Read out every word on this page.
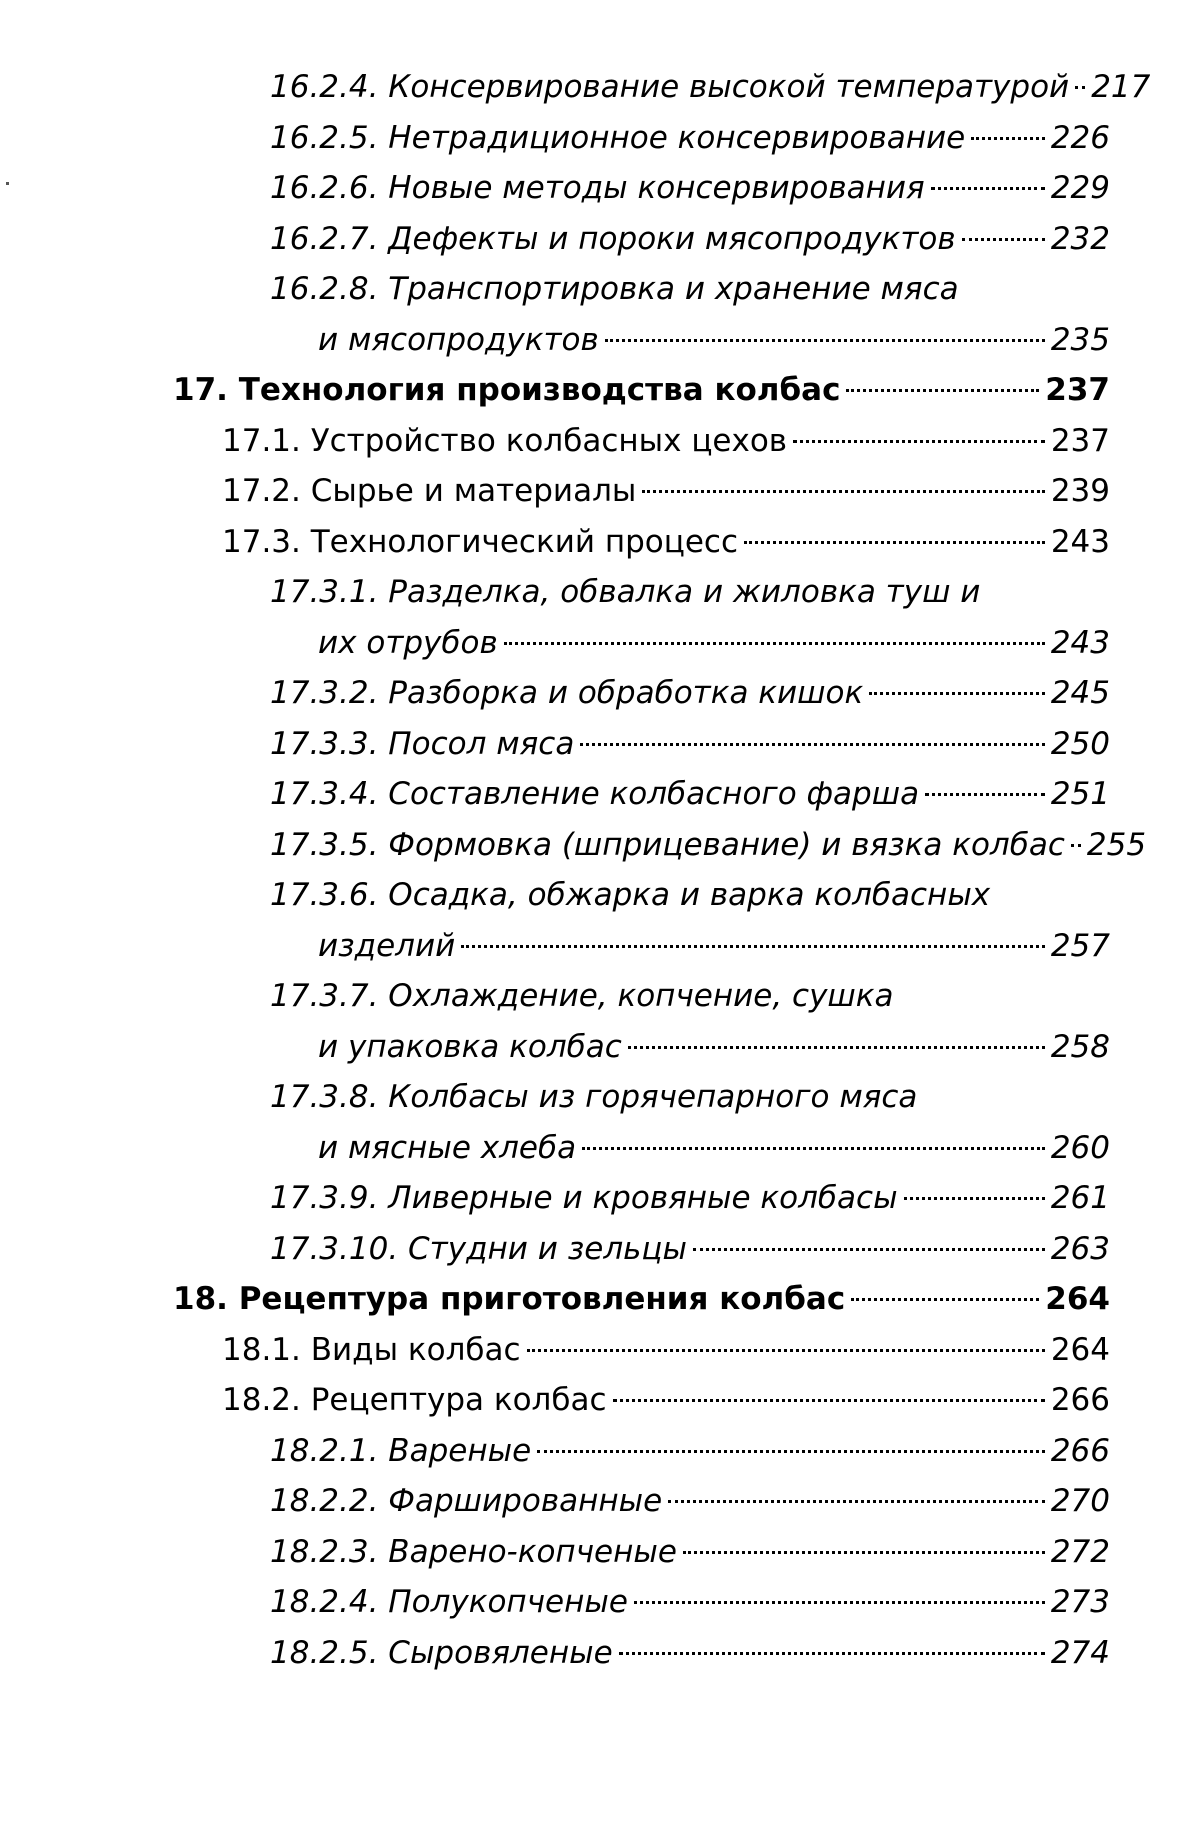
16.2.4. Консервирование высокой температурой 217
16.2.5. Нетрадиционное консервирование	226
16.2.6. Новые методы консервирования	229
16.2.7. Дефекты и пороки мясопродуктов	232
16.2.8. Транспортировка и хранение мяса
и мясопродуктов	235
17. Технология производства колбас	237
17.1. Устройство колбасных цехов	237
17.2. Сырье и материалы	239
17.3. Технологический процесс	243
17.3.1. Разделка, обвалка и жиловка туш и
их отрубов	243
17.3.2. Разборка и обработка кишок	245
17.3.3. Посол мяса	250
17.3.4. Составление колбасного фарша	251
17.3.5. Формовка (шприцевание) и вязка колбас 255
17.3.6. Осадка, обжарка и варка колбасных
изделий	257
17.3.7. Охлаждение, копчение, сушка
и упаковка колбас	258
17.3.8. Колбасы из горячепарного мяса
и мясные хлеба	260
17.3.9. Ливерные и кровяные колбасы	261
17.3.10. Студни и зельцы	263
18. Рецептура приготовления колбас	264
18.1. Виды колбас	264
18.2. Рецептура колбас	266
18.2.1. Вареные	266
18.2.2. Фаршированные	270
18.2.3. Варено-копченые	272
18.2.4. Полукопченые	273
18.2.5. Сыровяленые	274
